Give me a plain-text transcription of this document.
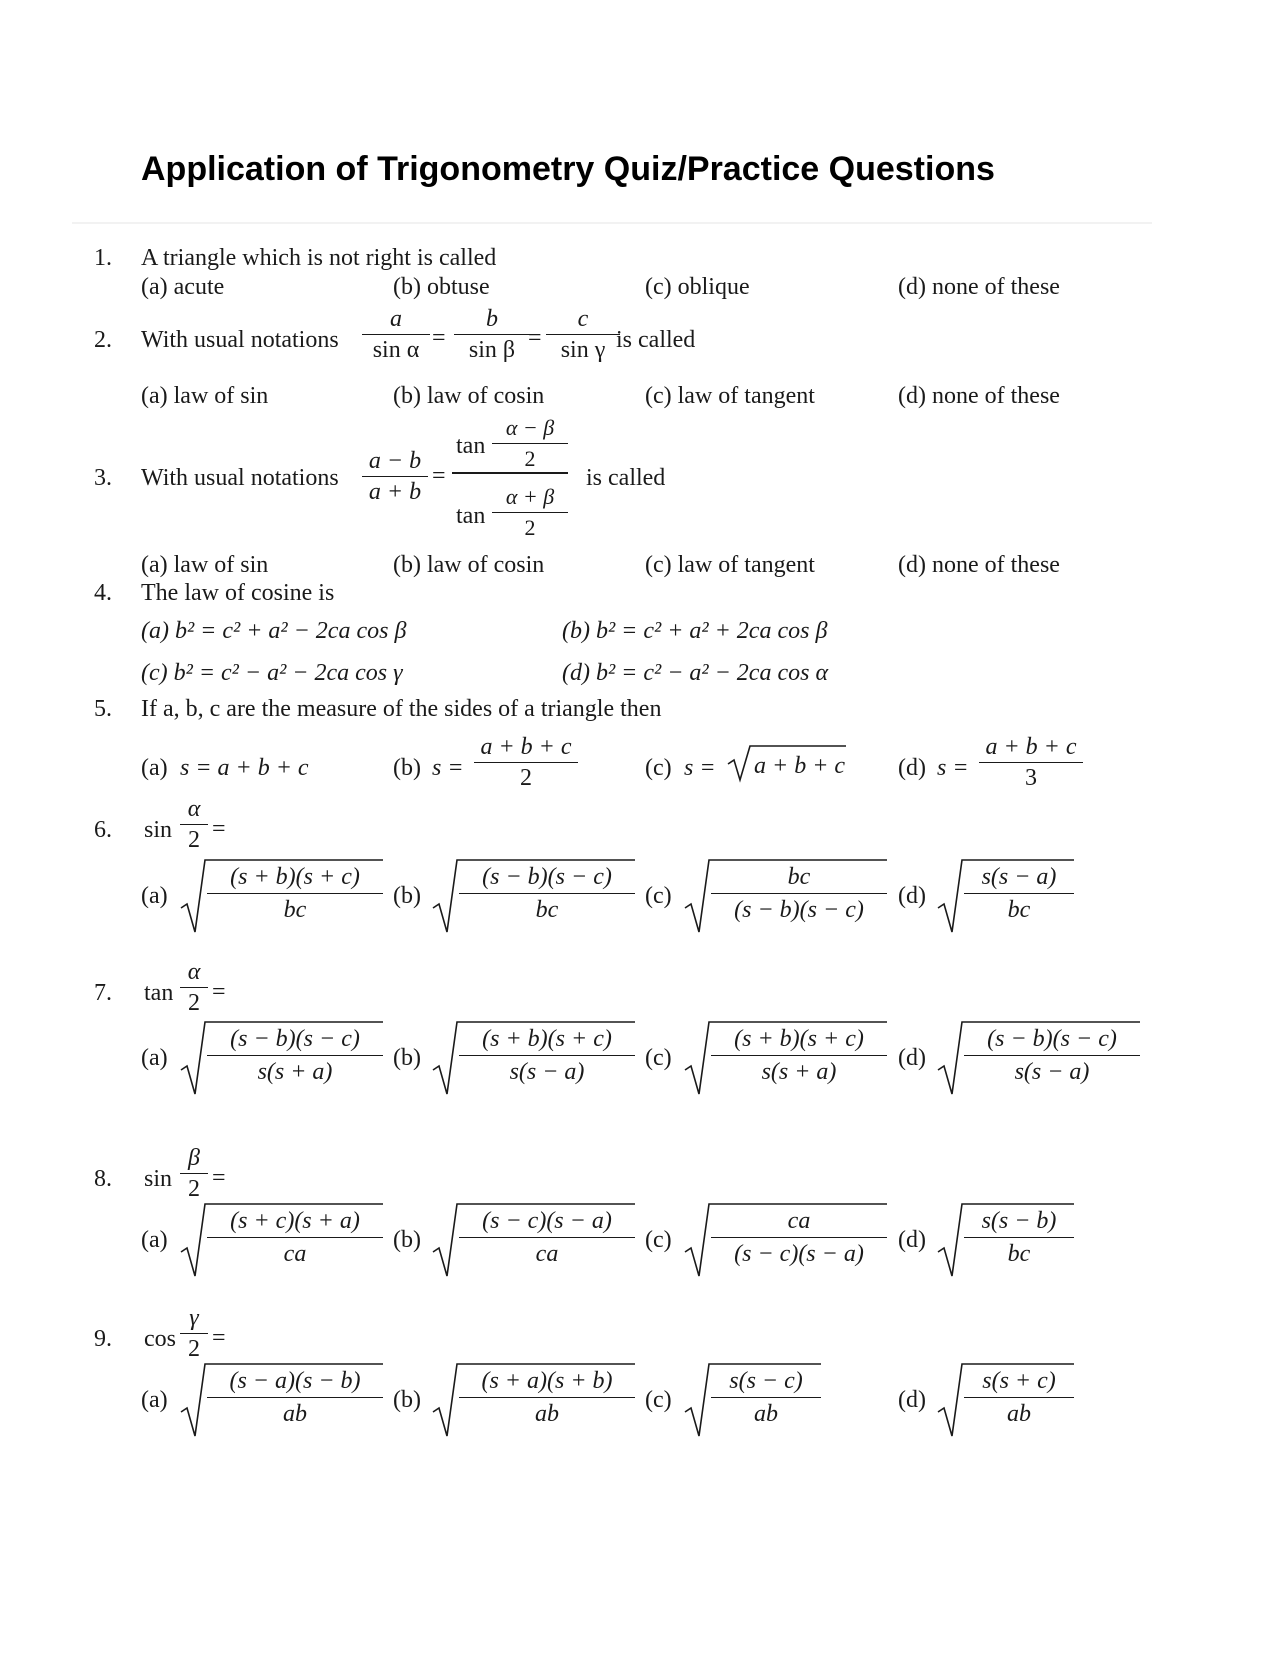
Application of Trigonometry Quiz/Practice Questions
1. A triangle which is not right is called
(a) acute	(b) obtuse	(c) oblique	(d) none of these
2. With usual notations $\frac{a}{\text{sin α}} = \frac{b}{\text{sin β}}$
= $\frac{c}{\text{sin γ}}$
is called
(a) law of sin	(b) law of cosin	(c) law of tangent	(d) none of these
3. With usual notations $\frac{a - b}{a + b}$ =
$\tan \frac{\alpha - \beta}{2}$
$\tan \frac{\alpha + \beta}{2}$
is called
(a) law of sin	(b) law of cosin	(c) law of tangent	(d) none of these
4. The law of cosine is
(a) b² = c² + a² − 2ca cos β	(b) b² = c² + a² + 2ca cos β
(c) b² = c² − a² − 2ca cos γ	(d) b² = c² − a² − 2ca cos α
5. If a, b, c are the measure of the sides of a triangle then
(a) s = a + b + c	(b) $s = \frac{a + b + c}{2}$	(c) s = a + b + c (d) $s = \frac{a + b + c}{3}$
6. $\sin \frac{\alpha}{2}$ =
(a)
(s + b)(s + c)
bc
(b)
(s − b)(s − c)
bc
(c)
bc
(s − b)(s − c)
(d)
s(s − a)
bc
7. $\tan \frac{\alpha}{2}$ =
(a)
(s − b)(s − c)
s(s + a)
(b)
(s + b)(s + c)
s(s − a)
(c)
(s + b)(s + c)
s(s + a)
(d)
(s − b)(s − c)
s(s − a)
8. $\sin \frac{\beta}{2}$ =
(a)
(s + c)(s + a)
ca
(b)
(s − c)(s − a)
ca
(c)
ca
(s − c)(s − a)
(d)
s(s − b)
bc
9. $\cos \frac{\gamma}{2}$ =
(a)
(s − a)(s − b)
ab
(b)
(s + a)(s + b)
ab
(c)
s(s − c)
ab
(d)
s(s + c)
ab
